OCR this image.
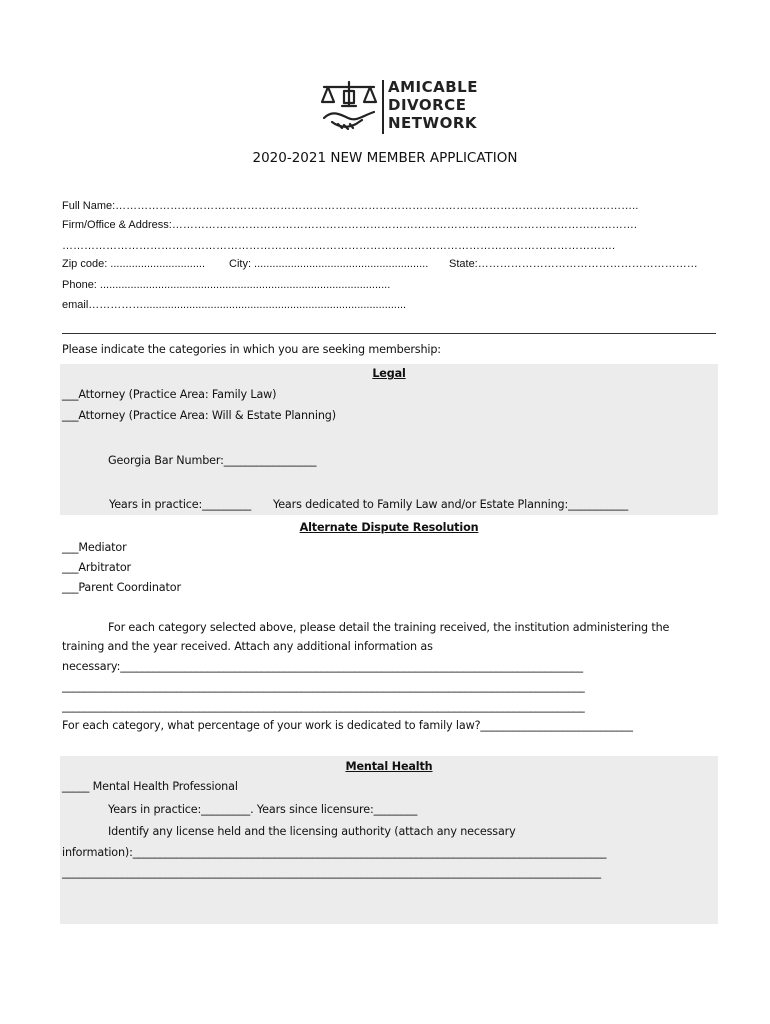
AMICABLE
DIVORCE
NETWORK
2020-2021 NEW MEMBER APPLICATION
Full Name:……………………………………………………………………………………………………………………………..
Firm/Office & Address:……………………………………………………………………………………………………………….
…………………………………………………………………………………………………………………………………….
Zip code: ............................... City: ......................................................... State:……………………………………………………
Phone: ...............................................................................................
email……………......................................................................................
Please indicate the categories in which you are seeking membership:
Legal
___Attorney (Practice Area: Family Law)
___Attorney (Practice Area: Will & Estate Planning)
Georgia Bar Number:_________________
Years in practice:_________ Years dedicated to Family Law and/or Estate Planning:___________
Alternate Dispute Resolution
___Mediator
___Arbitrator
___Parent Coordinator
For each category selected above, please detail the training received, the institution administering the
training and the year received. Attach any additional information as
necessary:_____________________________________________________________________________________
________________________________________________________________________________________________
________________________________________________________________________________________________
For each category, what percentage of your work is dedicated to family law?____________________________
Mental Health
_____ Mental Health Professional
Years in practice:_________. Years since licensure:________
Identify any license held and the licensing authority (attach any necessary
information):_______________________________________________________________________________________
___________________________________________________________________________________________________
